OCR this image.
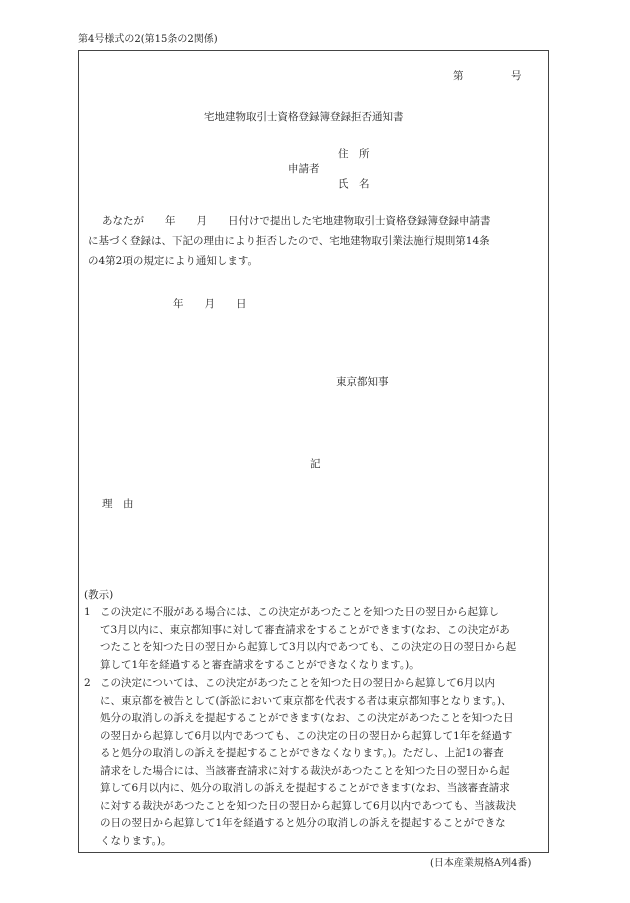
第4号様式の2(第15条の2関係)
第	号
宅地建物取引士資格登録簿登録拒否通知書
住　所
申請者
氏　名
あなたが　　年　　月　　日付けで提出した宅地建物取引士資格登録簿登録申請書
に基づく登録は、下記の理由により拒否したので、宅地建物取引業法施行規則第14条
の4第2項の規定により通知します。
年　　月　　日
東京都知事
記
理　由
(教示)
1 この決定に不服がある場合には、この決定があつたことを知つた日の翌日から起算し
て3月以内に、東京都知事に対して審査請求をすることができます(なお、この決定があ
つたことを知つた日の翌日から起算して3月以内であつても、この決定の日の翌日から起
算して1年を経過すると審査請求をすることができなくなります。)。
2 この決定については、この決定があつたことを知つた日の翌日から起算して6月以内
に、東京都を被告として(訴訟において東京都を代表する者は東京都知事となります。)、
処分の取消しの訴えを提起することができます(なお、この決定があつたことを知つた日
の翌日から起算して6月以内であつても、この決定の日の翌日から起算して1年を経過す
ると処分の取消しの訴えを提起することができなくなります。)。ただし、上記1の審査
請求をした場合には、当該審査請求に対する裁決があつたことを知つた日の翌日から起
算して6月以内に、処分の取消しの訴えを提起することができます(なお、当該審査請求
に対する裁決があつたことを知つた日の翌日から起算して6月以内であつても、当該裁決
の日の翌日から起算して1年を経過すると処分の取消しの訴えを提起することができな
くなります。)。
(日本産業規格A列4番)
